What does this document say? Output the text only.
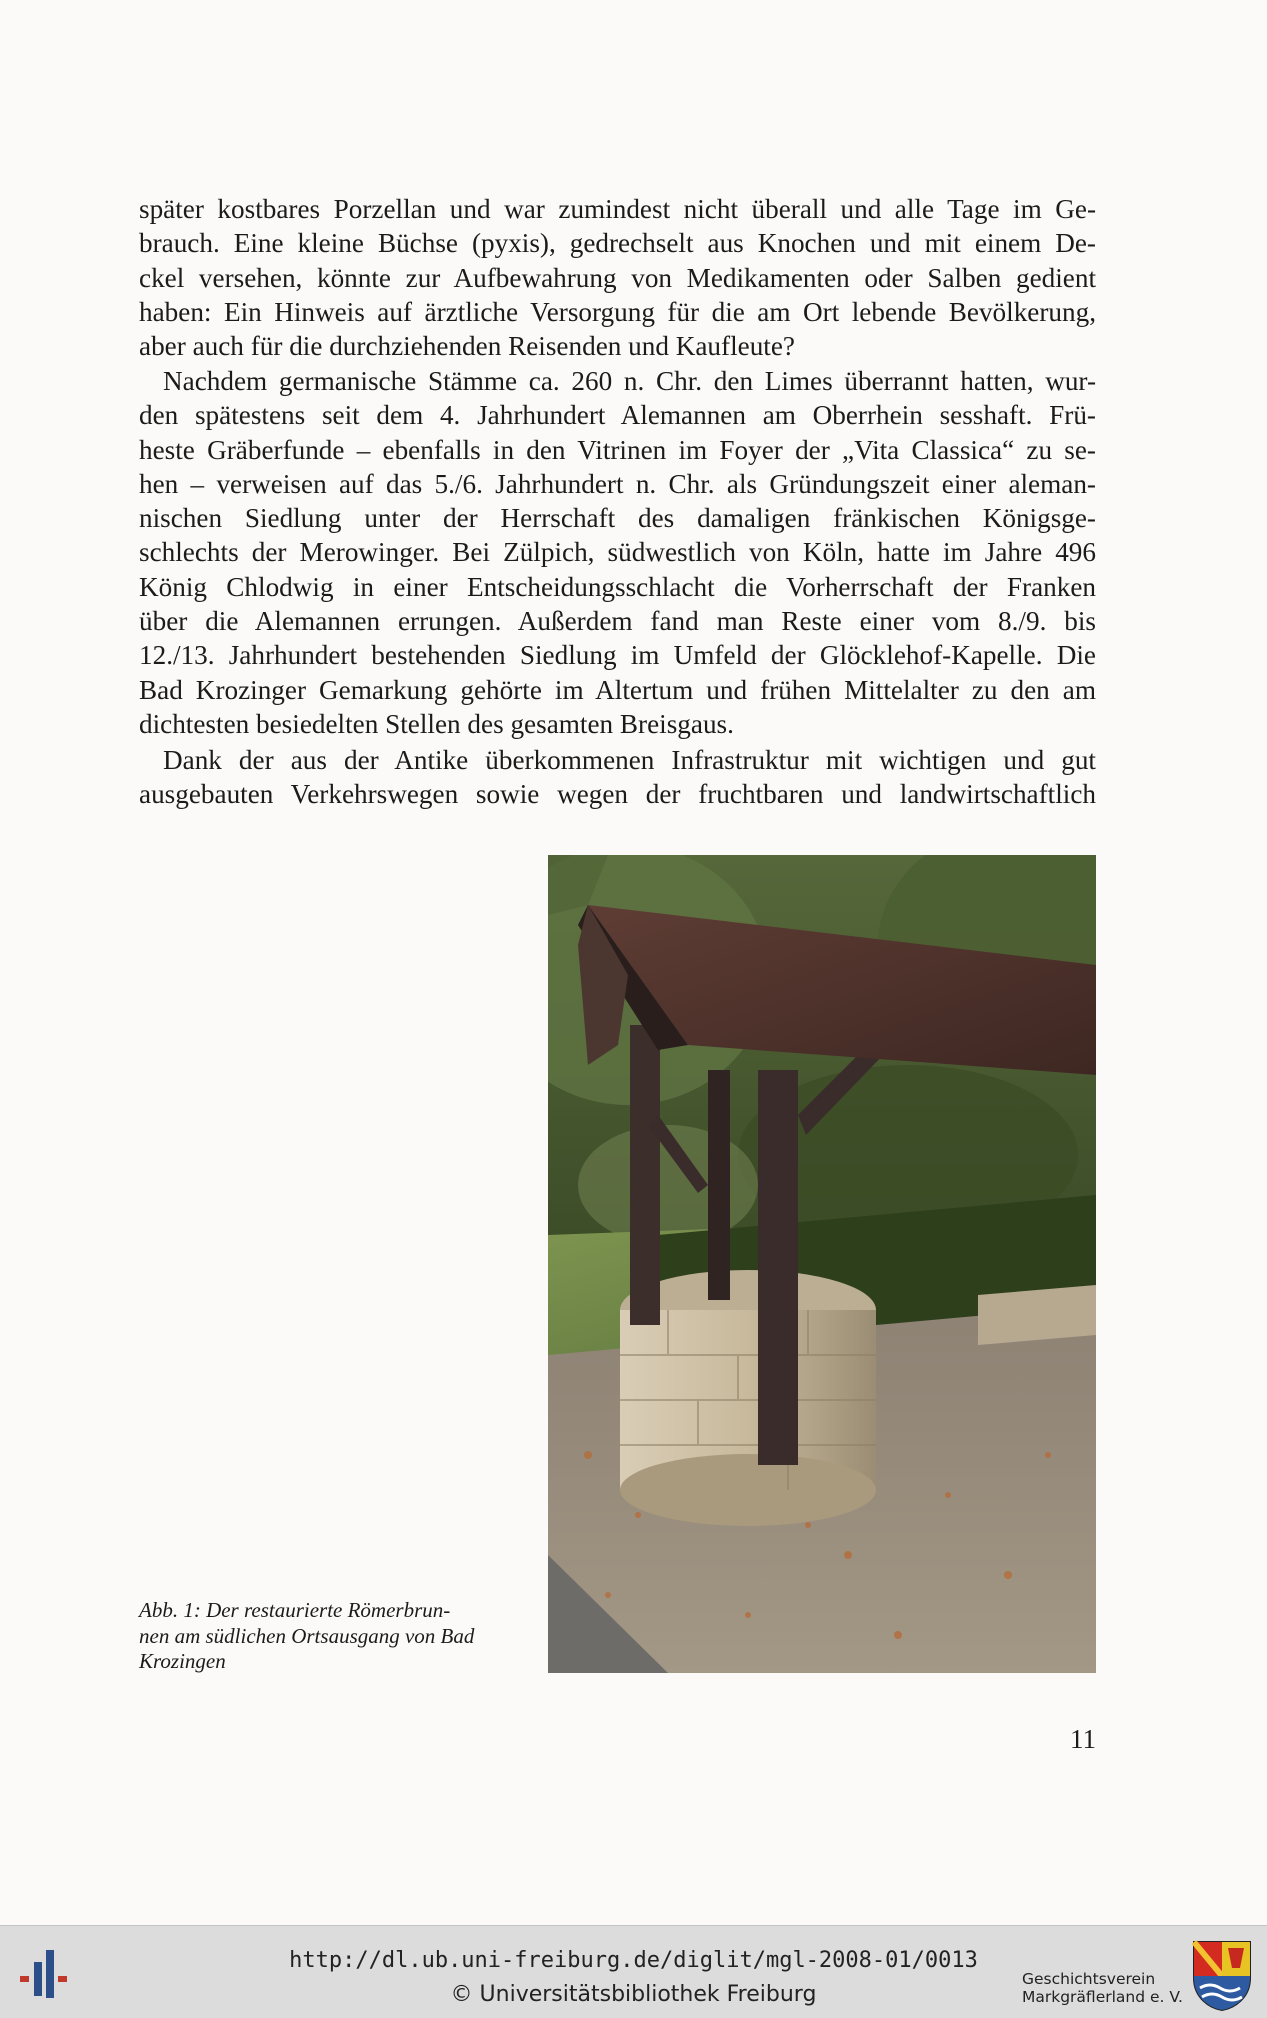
später kostbares Porzellan und war zumindest nicht überall und alle Tage im Ge-
brauch. Eine kleine Büchse (pyxis), gedrechselt aus Knochen und mit einem De-
ckel versehen, könnte zur Aufbewahrung von Medikamenten oder Salben gedient
haben: Ein Hinweis auf ärztliche Versorgung für die am Ort lebende Bevölkerung,
aber auch für die durchziehenden Reisenden und Kaufleute?
Nachdem germanische Stämme ca. 260 n. Chr. den Limes überrannt hatten, wur-
den spätestens seit dem 4. Jahrhundert Alemannen am Oberrhein sesshaft. Frü-
heste Gräberfunde – ebenfalls in den Vitrinen im Foyer der „Vita Classica“ zu se-
hen – verweisen auf das 5./6. Jahrhundert n. Chr. als Gründungszeit einer aleman-
nischen Siedlung unter der Herrschaft des damaligen fränkischen Königsge-
schlechts der Merowinger. Bei Zülpich, südwestlich von Köln, hatte im Jahre 496
König Chlodwig in einer Entscheidungsschlacht die Vorherrschaft der Franken
über die Alemannen errungen. Außerdem fand man Reste einer vom 8./9. bis
12./13. Jahrhundert bestehenden Siedlung im Umfeld der Glöcklehof-Kapelle. Die
Bad Krozinger Gemarkung gehörte im Altertum und frühen Mittelalter zu den am
dichtesten besiedelten Stellen des gesamten Breisgaus.
Dank der aus der Antike überkommenen Infrastruktur mit wichtigen und gut
ausgebauten Verkehrswegen sowie wegen der fruchtbaren und landwirtschaftlich
Abb. 1: Der restaurierte Römerbrun-
nen am südlichen Ortsausgang von Bad
Krozingen
11
http://dl.ub.uni-freiburg.de/diglit/mgl-2008-01/0013
© Universitätsbibliothek Freiburg
Geschichtsverein
Markgräflerland e. V.
